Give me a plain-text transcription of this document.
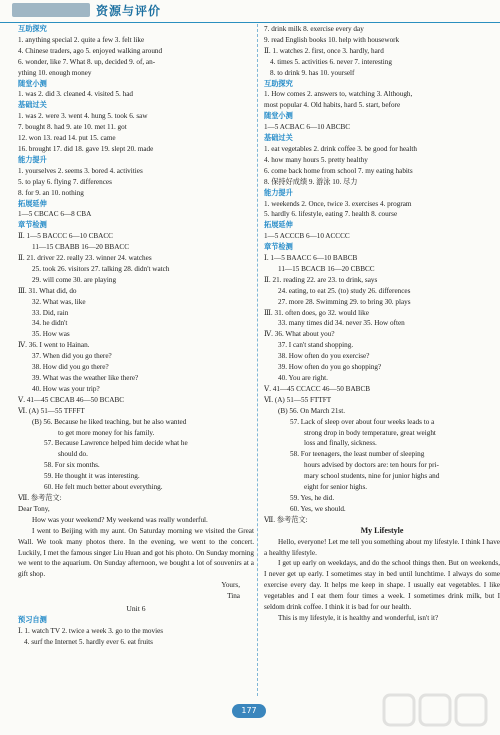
资源与评价
互助探究
1. anything special 2. quite a few 3. felt like
4. Chinese traders, ago 5. enjoyed walking around
6. wonder, like 7. What 8. up, decided 9. of, an-
ything 10. enough money
随堂小测
1. was 2. did 3. cleaned 4. visited 5. had
基础过关
1. was 2. were 3. went 4. hung 5. took 6. saw
7. bought 8. had 9. ate 10. met 11. got
12. won 13. read 14. put 15. came
16. brought 17. did 18. gave 19. slept 20. made
能力提升
1. yourselves 2. seems 3. bored 4. activities
5. to play 6. flying 7. differences
8. for 9. an 10. nothing
拓展延伸
1—5 CBCAC 6—8 CBA
章节检测
Ⅱ. 1—5 BACCC 6—10 CBACC
11—15 CBABB 16—20 BBACC
Ⅱ. 21. driver 22. really 23. winner 24. watches
25. took 26. visitors 27. talking 28. didn't watch
29. will come 30. are playing
Ⅲ. 31. What did, do
32. What was, like
33. Did, rain
34. he didn't
35. How was
Ⅳ. 36. I went to Hainan.
37. When did you go there?
38. How did you go there?
39. What was the weather like there?
40. How was your trip?
Ⅴ. 41—45 CBCAB 46—50 BCABC
Ⅵ. (A) 51—55 TFFFT
(B) 56. Because he liked teaching, but he also wanted
to get more money for his family.
57. Because Lawrence helped him decide what he
should do.
58. For six months.
59. He thought it was interesting.
60. He felt much better about everything.
Ⅶ. 参考范文:
Dear Tony,
How was your weekend? My weekend was really wonderful.
I went to Beijing with my aunt. On Saturday morning we visited the Great Wall. We took many photos there. In the evening, we went to the concert. Luckily, I met the famous singer Liu Huan and got his photo. On Sunday morning we went to the aquarium. On Sunday afternoon, we bought a lot of souvenirs at a gift shop.
Yours,
Tina
Unit 6
预习自测
Ⅰ. 1. watch TV 2. twice a week 3. go to the movies
4. surf the Internet 5. hardly ever 6. eat fruits
7. drink milk 8. exercise every day
9. read English books 10. help with housework
Ⅱ. 1. watches 2. first, once 3. hardly, hard
4. times 5. activities 6. never 7. interesting
8. to drink 9. has 10. yourself
互助探究
1. How comes 2. answers to, watching 3. Although,
most popular 4. Old habits, hard 5. start, before
随堂小测
1—5 ACBAC 6—10 ABCBC
基础过关
1. eat vegetables 2. drink coffee 3. be good for health
4. how many hours 5. pretty healthy
6. come back home from school 7. my eating habits
8. 保持好成绩 9. 游泳 10. 尽力
能力提升
1. weekends 2. Once, twice 3. exercises 4. program
5. hardly 6. lifestyle, eating 7. health 8. course
拓展延伸
1—5 ACCCB 6—10 ACCCC
章节检测
Ⅰ. 1—5 BAACC 6—10 BABCB
11—15 BCACB 16—20 CBBCC
Ⅱ. 21. reading 22. are 23. to drink, says
24. eating, to eat 25. (to) study 26. differences
27. more 28. Swimming 29. to bring 30. plays
Ⅲ. 31. often does, go 32. would like
33. many times did 34. never 35. How often
Ⅳ. 36. What about you?
37. I can't stand shopping.
38. How often do you exercise?
39. How often do you go shopping?
40. You are right.
Ⅴ. 41—45 CCACC 46—50 BABCB
Ⅵ. (A) 51—55 FTTFT
(B) 56. On March 21st.
57. Lack of sleep over about four weeks leads to a
strong drop in body temperature, great weight
loss and finally, sickness.
58. For teenagers, the least number of sleeping
hours advised by doctors are: ten hours for pri-
mary school students, nine for junior highs and
eight for senior highs.
59. Yes, he did.
60. Yes, we should.
Ⅶ. 参考范文:
My Lifestyle
Hello, everyone! Let me tell you something about my lifestyle. I think I have a healthy lifestyle.
I get up early on weekdays, and do the school things then. But on weekends, I never get up early. I sometimes stay in bed until lunchtime. I always do some exercise every day. It helps me keep in shape. I usually eat vegetables. I like vegetables and I eat them four times a week. I sometimes drink milk, but I seldom drink coffee. I think it is bad for our health.
This is my lifestyle, it is healthy and wonderful, isn't it?
177
